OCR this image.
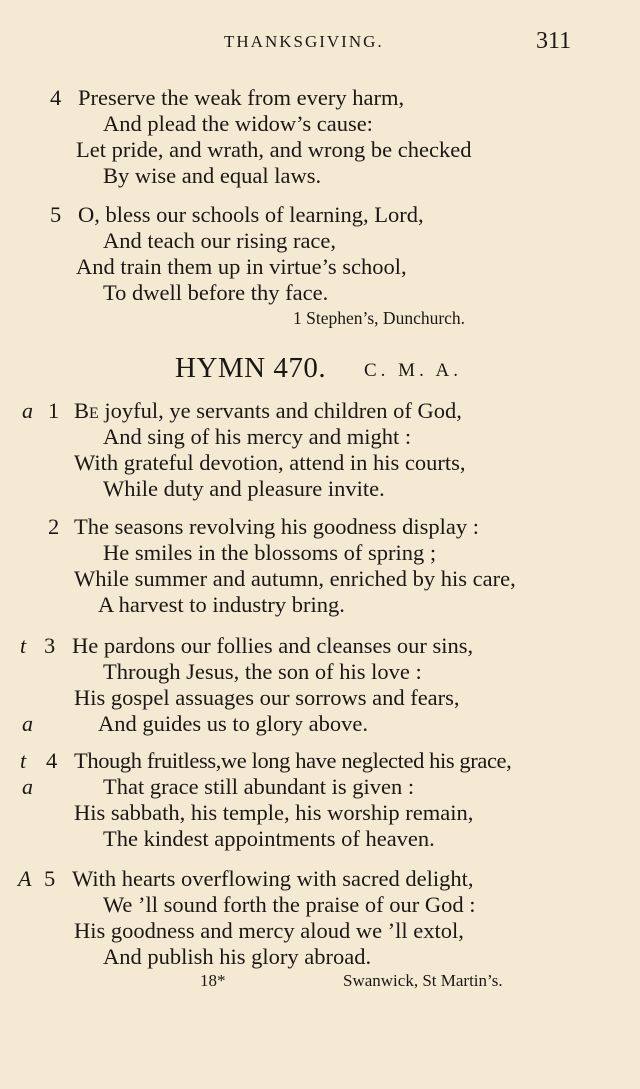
THANKSGIVING.	311
4 Preserve the weak from every harm,
And plead the widow’s cause:
Let pride, and wrath, and wrong be checked
By wise and equal laws.
5 O, bless our schools of learning, Lord,
And teach our rising race,
And train them up in virtue’s school,
To dwell before thy face.
1 Stephen’s, Dunchurch.
HYMN 470. C. M. A.
a 1 Be joyful, ye servants and children of God,
And sing of his mercy and might :
With grateful devotion, attend in his courts,
While duty and pleasure invite.
2 The seasons revolving his goodness display :
He smiles in the blossoms of spring ;
While summer and autumn, enriched by his care,
A harvest to industry bring.
t 3 He pardons our follies and cleanses our sins,
Through Jesus, the son of his love :
His gospel assuages our sorrows and fears,
a	And guides us to glory above.
t 4 Though fruitless,we long have neglected his grace,
a	That grace still abundant is given :
His sabbath, his temple, his worship remain,
The kindest appointments of heaven.
A 5 With hearts overflowing with sacred delight,
We ’ll sound forth the praise of our God :
His goodness and mercy aloud we ’ll extol,
And publish his glory abroad.
18*	Swanwick, St Martin’s.
